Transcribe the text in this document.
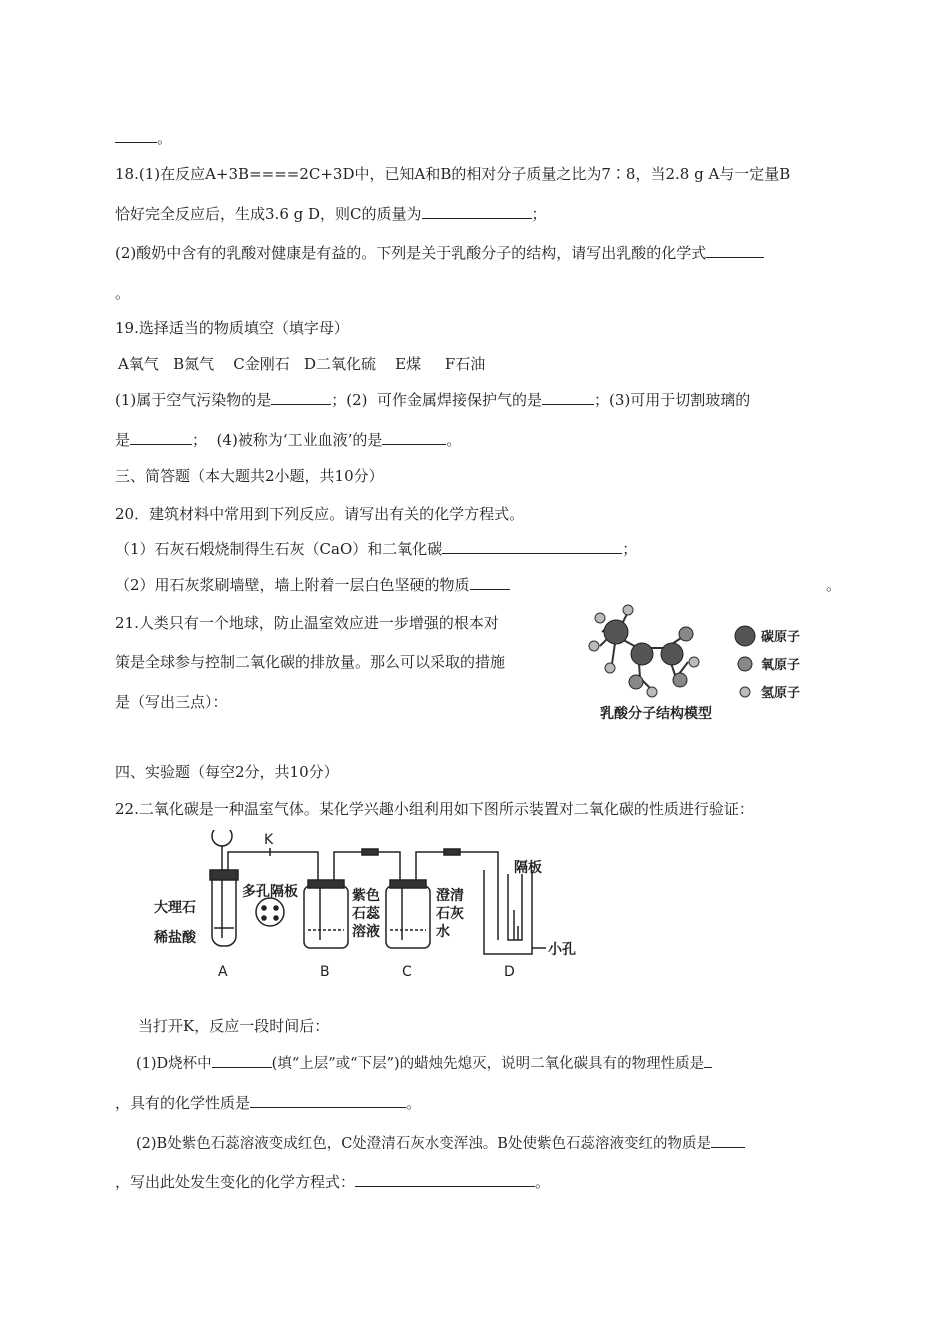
。
18.(1)在反应A+3B====2C+3D中，已知A和B的相对分子质量之比为7∶8，当2.8 g A与一定量B
恰好完全反应后，生成3.6 g D，则C的质量为	；
(2)酸奶中含有的乳酸对健康是有益的。下列是关于乳酸分子的结构，请写出乳酸的化学式
。
19.选择适当的物质填空（填字母）
A氧气   B氮气    C金刚石   D二氧化硫    E煤     F石油
(1)属于空气污染物的是	；(2)  可作金属焊接保护气的是	；(3)可用于切割玻璃的
是	；  (4)被称为‘工业血液’的是	。
三、简答题（本大题共2小题，共10分）
20．建筑材料中常用到下列反应。请写出有关的化学方程式。
（1）石灰石煅烧制得生石灰（CaO）和二氧化碳	；
（2）用石灰浆刷墙壁，墙上附着一层白色坚硬的物质	。
21.人类只有一个地球，防止温室效应进一步增强的根本对
策是全球参与控制二氧化碳的排放量。那么可以采取的措施
是（写出三点）：
乳酸分子结构模型
碳原子
氧原子
氢原子
四、实验题（每空2分，共10分）
22.二氧化碳是一种温室气体。某化学兴趣小组利用如下图所示装置对二氧化碳的性质进行验证：
K
多孔隔板
大理石
稀盐酸
紫色
石蕊
溶液
澄清
石灰
水
隔板
小孔
A	B	C	D
当打开K，反应一段时间后：
(1)D烧杯中	(填“上层”或“下层”)的蜡烛先熄灭，说明二氧化碳具有的物理性质是
，具有的化学性质是	。
(2)B处紫色石蕊溶液变成红色，C处澄清石灰水变浑浊。B处使紫色石蕊溶液变红的物质是
，写出此处发生变化的化学方程式：	。
